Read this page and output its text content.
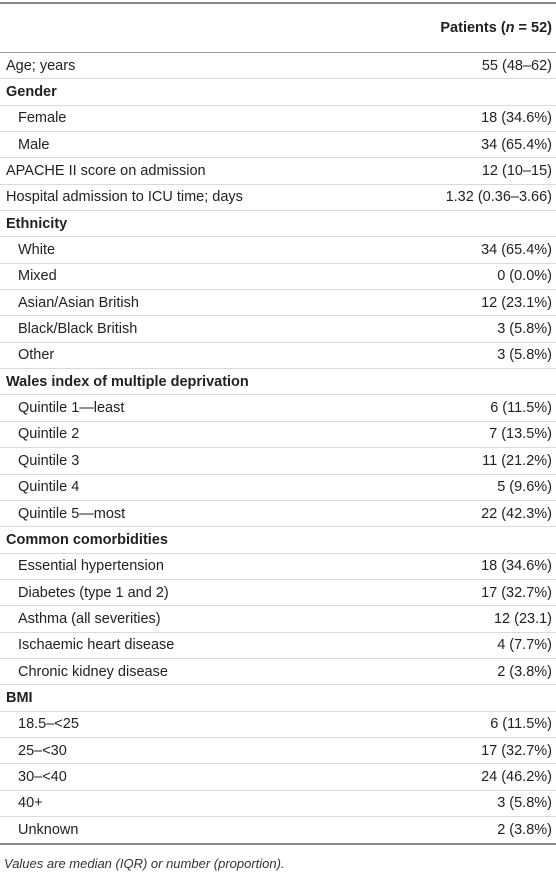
Patients (n = 52)
Age; years	55 (48–62)
Gender
Female	18 (34.6%)
Male	34 (65.4%)
APACHE II score on admission	12 (10–15)
Hospital admission to ICU time; days	1.32 (0.36–3.66)
Ethnicity
White	34 (65.4%)
Mixed	0 (0.0%)
Asian/Asian British	12 (23.1%)
Black/Black British	3 (5.8%)
Other	3 (5.8%)
Wales index of multiple deprivation
Quintile 1—least	6 (11.5%)
Quintile 2	7 (13.5%)
Quintile 3	11 (21.2%)
Quintile 4	5 (9.6%)
Quintile 5—most	22 (42.3%)
Common comorbidities
Essential hypertension	18 (34.6%)
Diabetes (type 1 and 2)	17 (32.7%)
Asthma (all severities)	12 (23.1)
Ischaemic heart disease	4 (7.7%)
Chronic kidney disease	2 (3.8%)
BMI
18.5–<25	6 (11.5%)
25–<30	17 (32.7%)
30–<40	24 (46.2%)
40+	3 (5.8%)
Unknown	2 (3.8%)
Values are median (IQR) or number (proportion).
